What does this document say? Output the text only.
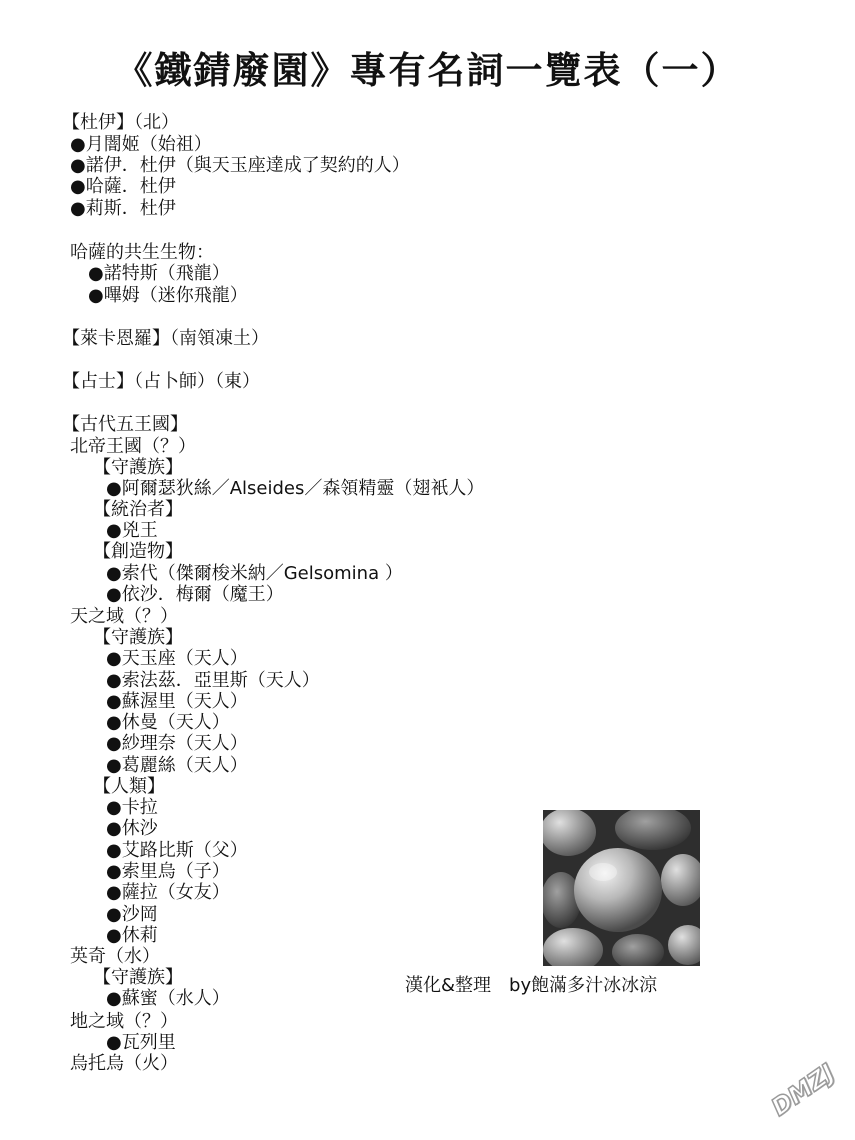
《鐵錆廢園》專有名詞一覽表（一）
【杜伊】（北）
●月闇姬（始祖）
●諾伊．杜伊（與天玉座達成了契約的人）
●哈薩．杜伊
●莉斯．杜伊
哈薩的共生生物：
●諾特斯（飛龍）
●嗶姆（迷你飛龍）
【萊卡恩羅】（南領凍土）
【占士】（占卜師）（東）
【古代五王國】
北帝王國（？）
【守護族】
●阿爾瑟狄絲／Alseides／森領精靈（翅衹人）
【統治者】
●兇王
【創造物】
●索代（傑爾梭米納／Gelsomina ）
●依沙．梅爾（魔王）
天之域（？）
【守護族】
●天玉座（天人）
●索法茲．亞里斯（天人）
●蘇渥里（天人）
●休曼（天人）
●紗理奈（天人）
●葛麗絲（天人）
【人類】
●卡拉
●休沙
●艾路比斯（父）
●索里烏（子）
●薩拉（女友）
●沙岡
●休莉
英奇（水）
【守護族】
●蘇蜜（水人）
地之域（？）
●瓦列里
烏托烏（火）
漢化&整理　by飽滿多汁冰冰涼
DMZJ
